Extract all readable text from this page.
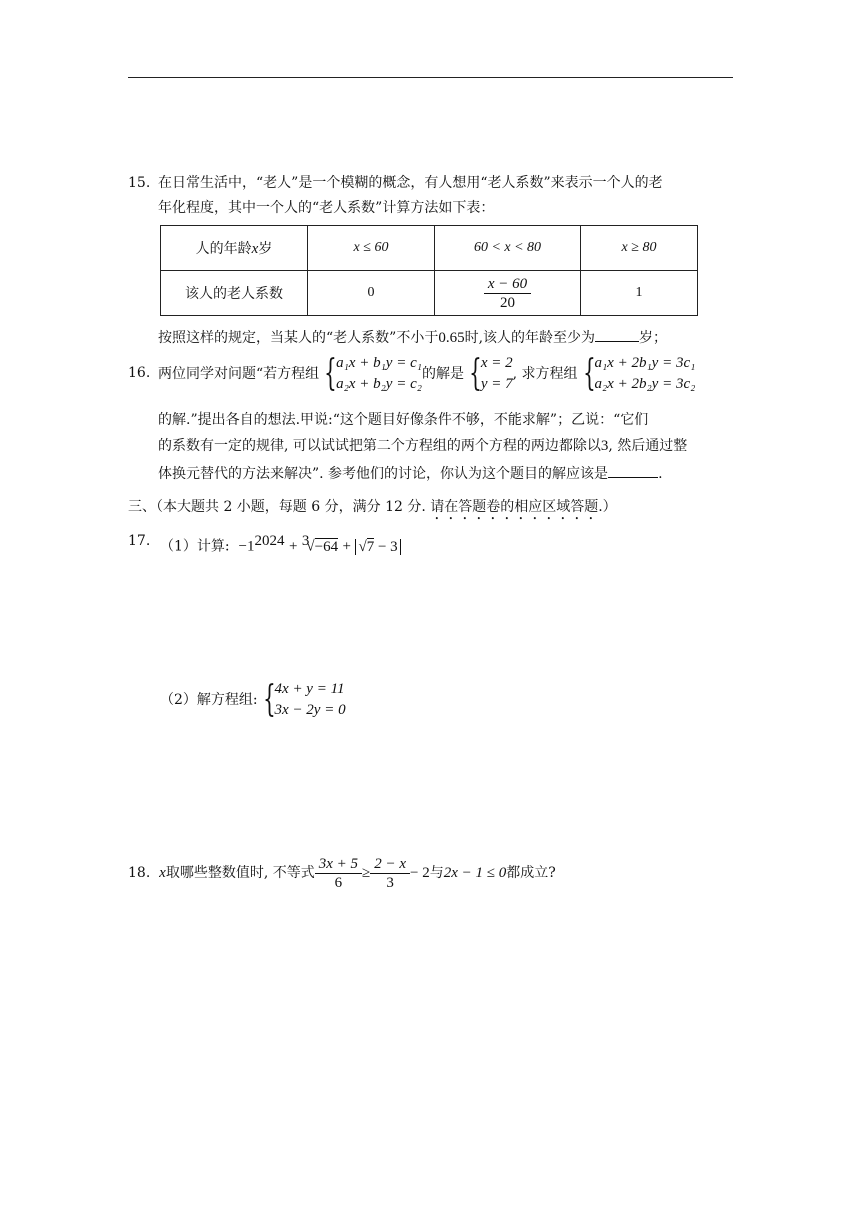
15. 在日常生活中，“老人”是一个模糊的概念，有人想用“老人系数”来表示一个人的老
年化程度，其中一个人的“老人系数”计算方法如下表：
人的年龄x岁	x ≤ 60	60 < x < 80	x ≥ 80
该人的老人系数	0	$\frac{x - 60}{20}$	1
按照这样的规定，当某人的“老人系数”不小于0.65时,该人的年龄至少为	岁；
16. 两位同学对问题“若方程组 { a₁x + b₁y = c₁
a₂x + b₂y = c₂
的解是 { x = 2
y = 7
, 求方程组 { a₁x + 2b₁y = 3c₁
a₂x + 2b₂y = 3c₂
的解.”提出各自的想法.甲说:“这个题目好像条件不够，不能求解”；乙说：“它们
的系数有一定的规律, 可以试试把第二个方程组的两个方程的两边都除以3, 然后通过整
体换元替代的方法来解决”. 参考他们的讨论，你认为这个题目的解应该是	.
三、（本大题共 2 小题，每题 6 分，满分 12 分. 请在答题卷的相应区域答题.）
17. （1）计算: $-1^{2024} + ^3√-64 + √7 - 3$
（2）解方程组: { 4x + y = 11
3x − 2y = 0
18. x取哪些整数值时, 不等式 $\frac{3x + 5}{6} \ge \frac{2 - x}{3} - 2$与2x − 1 ≤ 0都成立?
